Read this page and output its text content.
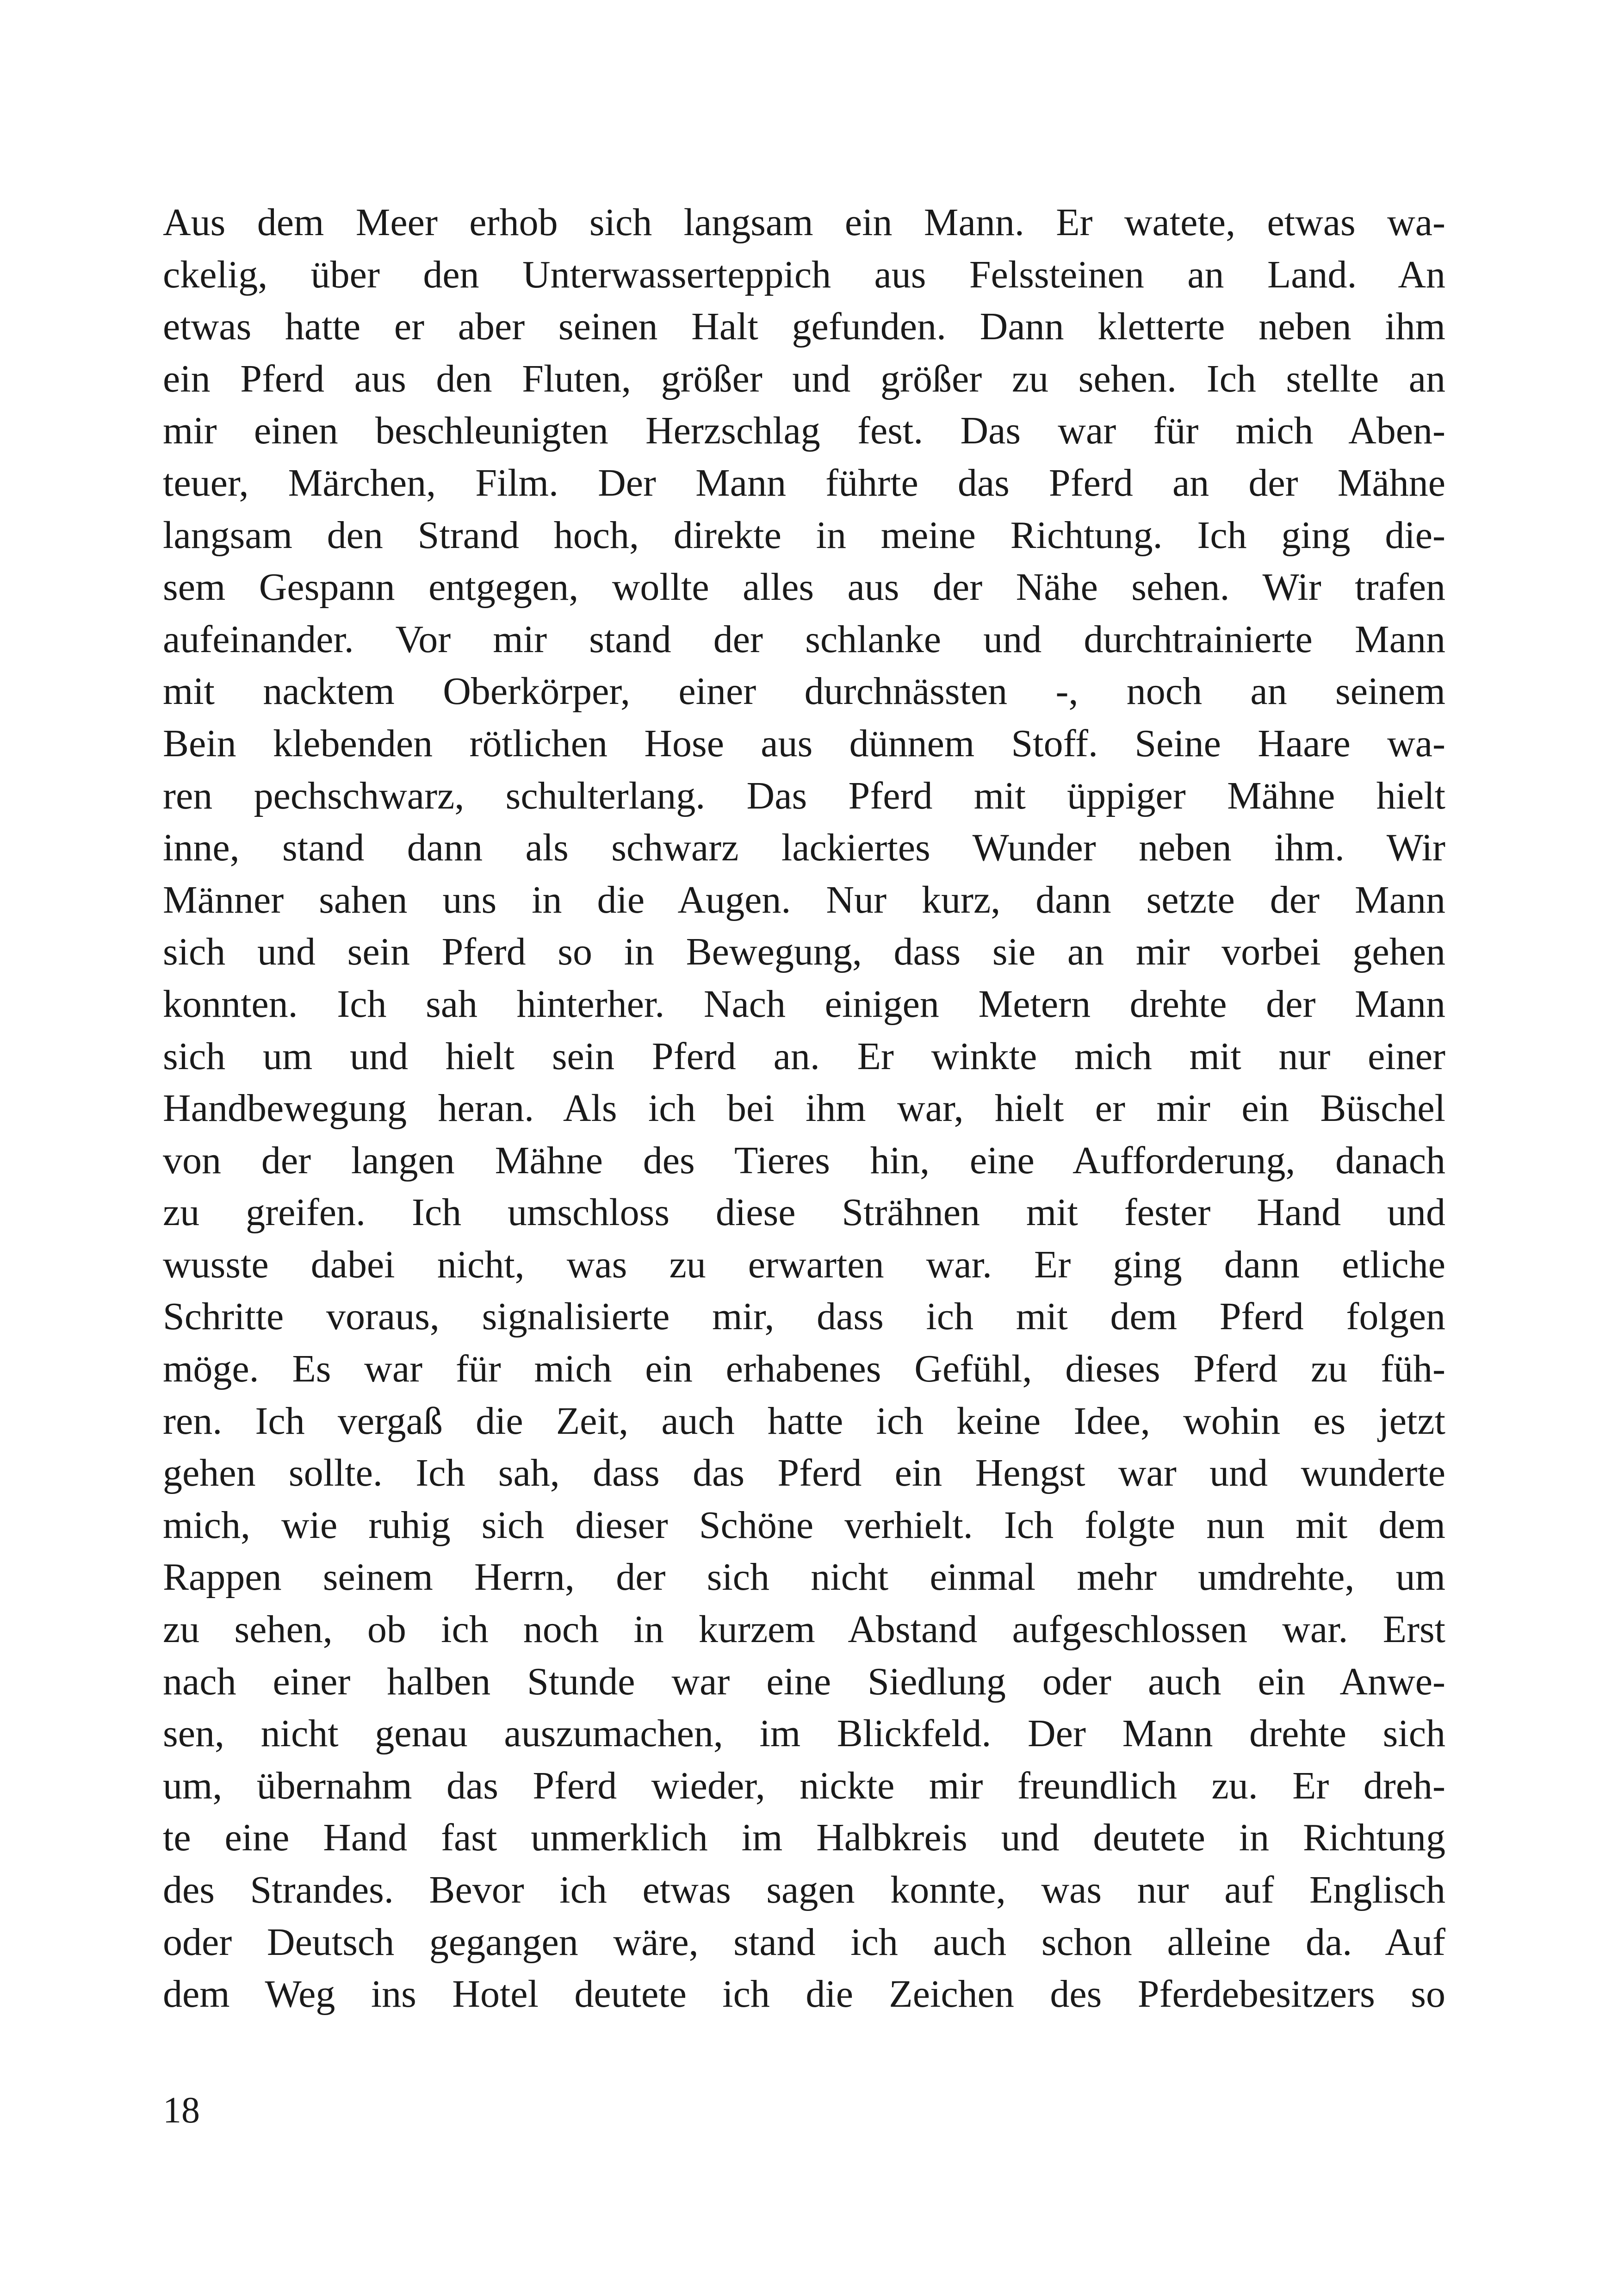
Aus dem Meer erhob sich langsam ein Mann. Er watete, etwas wa-
ckelig, über den Unterwasserteppich aus Felssteinen an Land. An
etwas hatte er aber seinen Halt gefunden. Dann kletterte neben ihm
ein Pferd aus den Fluten, größer und größer zu sehen. Ich stellte an
mir einen beschleunigten Herzschlag fest. Das war für mich Aben-
teuer, Märchen, Film. Der Mann führte das Pferd an der Mähne
langsam den Strand hoch, direkte in meine Richtung. Ich ging die-
sem Gespann entgegen, wollte alles aus der Nähe sehen. Wir trafen
aufeinander. Vor mir stand der schlanke und durchtrainierte Mann
mit nacktem Oberkörper, einer durchnässten -, noch an seinem
Bein klebenden rötlichen Hose aus dünnem Stoff. Seine Haare wa-
ren pechschwarz, schulterlang. Das Pferd mit üppiger Mähne hielt
inne, stand dann als schwarz lackiertes Wunder neben ihm. Wir
Männer sahen uns in die Augen. Nur kurz, dann setzte der Mann
sich und sein Pferd so in Bewegung, dass sie an mir vorbei gehen
konnten. Ich sah hinterher. Nach einigen Metern drehte der Mann
sich um und hielt sein Pferd an. Er winkte mich mit nur einer
Handbewegung heran. Als ich bei ihm war, hielt er mir ein Büschel
von der langen Mähne des Tieres hin, eine Aufforderung, danach
zu greifen. Ich umschloss diese Strähnen mit fester Hand und
wusste dabei nicht, was zu erwarten war. Er ging dann etliche
Schritte voraus, signalisierte mir, dass ich mit dem Pferd folgen
möge. Es war für mich ein erhabenes Gefühl, dieses Pferd zu füh-
ren. Ich vergaß die Zeit, auch hatte ich keine Idee, wohin es jetzt
gehen sollte. Ich sah, dass das Pferd ein Hengst war und wunderte
mich, wie ruhig sich dieser Schöne verhielt. Ich folgte nun mit dem
Rappen seinem Herrn, der sich nicht einmal mehr umdrehte, um
zu sehen, ob ich noch in kurzem Abstand aufgeschlossen war. Erst
nach einer halben Stunde war eine Siedlung oder auch ein Anwe-
sen, nicht genau auszumachen, im Blickfeld. Der Mann drehte sich
um, übernahm das Pferd wieder, nickte mir freundlich zu. Er dreh-
te eine Hand fast unmerklich im Halbkreis und deutete in Richtung
des Strandes. Bevor ich etwas sagen konnte, was nur auf Englisch
oder Deutsch gegangen wäre, stand ich auch schon alleine da. Auf
dem Weg ins Hotel deutete ich die Zeichen des Pferdebesitzers so
18
